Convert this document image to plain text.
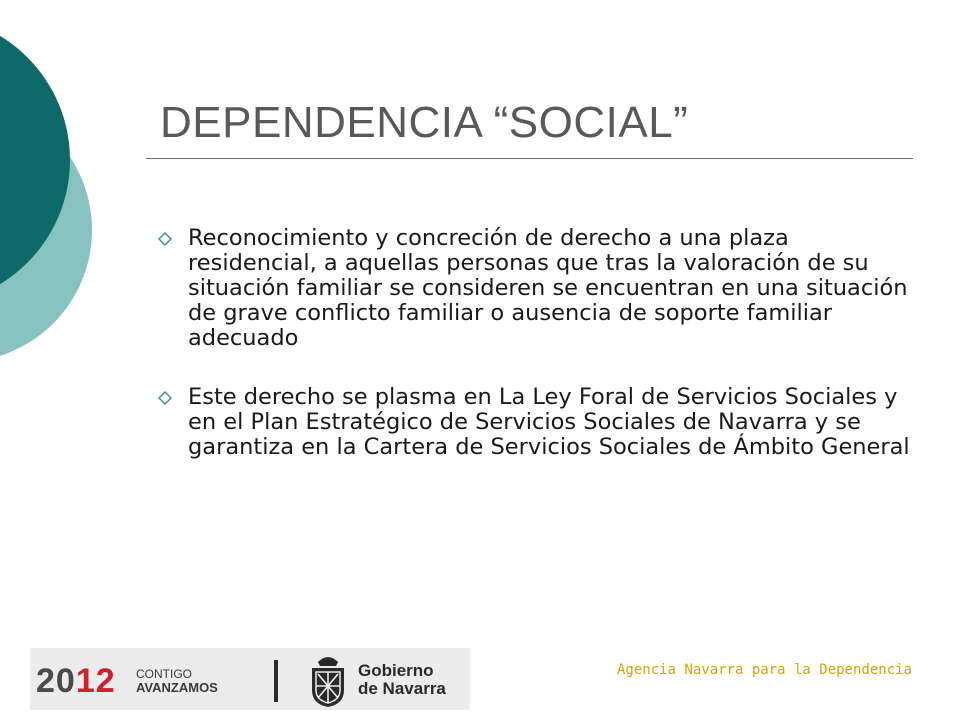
DEPENDENCIA “SOCIAL”

Reconocimiento y concreción de derecho a una plaza residencial, a aquellas personas que tras la valoración de su situación familiar se consideren se encuentran en una situación de grave conflicto familiar o ausencia de soporte familiar adecuado

Este derecho se plasma en La Ley Foral de Servicios Sociales y en el Plan Estratégico de Servicios Sociales de Navarra y se garantiza en la Cartera de Servicios Sociales de Ámbito General

2012 CONTIGO
AVANZAMOS
Gobierno
de Navarra
Agencia Navarra para la Dependencia
